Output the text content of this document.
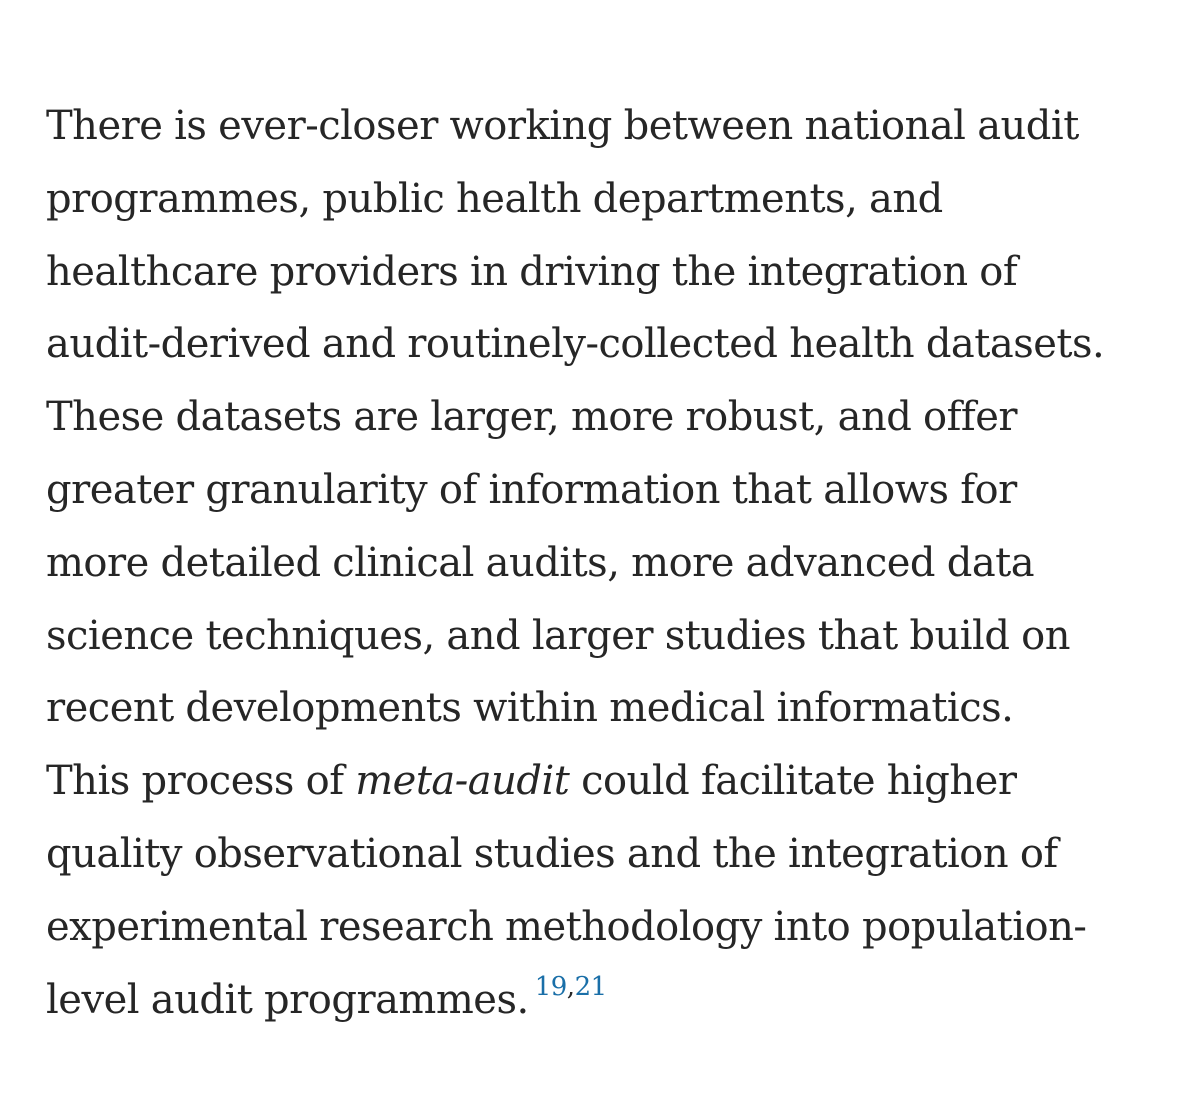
There is ever-closer working between national audit
programmes, public health departments, and
healthcare providers in driving the integration of
audit-derived and routinely-collected health datasets.
These datasets are larger, more robust, and offer
greater granularity of information that allows for
more detailed clinical audits, more advanced data
science techniques, and larger studies that build on
recent developments within medical informatics.
This process of meta-audit could facilitate higher
quality observational studies and the integration of
experimental research methodology into population-
level audit programmes. $^{19,21}$
